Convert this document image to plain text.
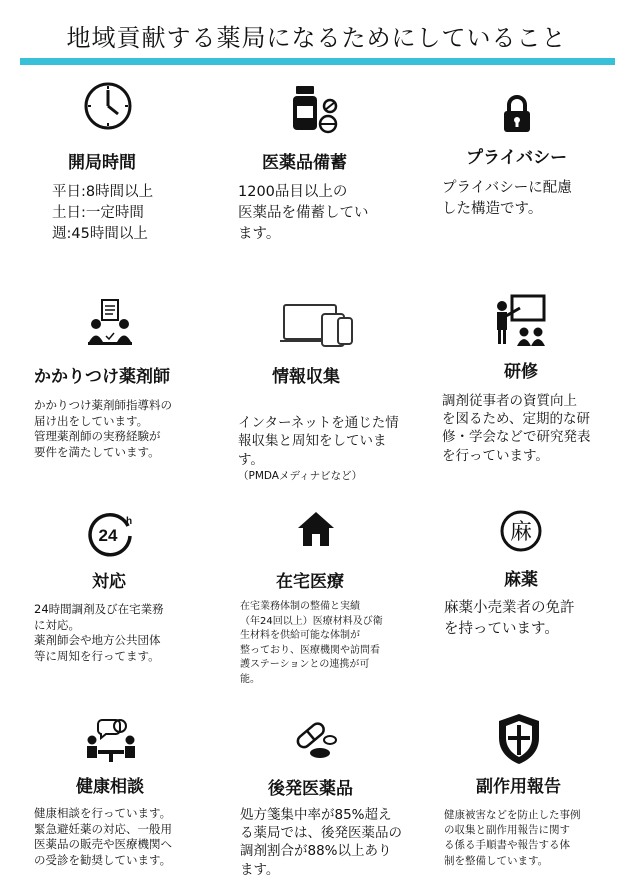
地域貢献する薬局になるためにしていること
開局時間
平日:8時間以上
土日:一定時間
週:45時間以上
医薬品備蓄
1200品目以上の
医薬品を備蓄してい
ます。
プライバシー
プライバシーに配慮
した構造です。
かかりつけ薬剤師
かかりつけ薬剤師指導料の
届け出をしています。
管理薬剤師の実務経験が
要件を満たしています。
情報収集

インターネットを通じた情
報収集と周知をしていま
す。

（PMDAメディナビなど）

研修
調剤従事者の資質向上
を図るため、定期的な研
修・学会などで研究発表
を行っています。
24
h
対応
24時間調剤及び在宅業務
に対応。
薬剤師会や地方公共団体
等に周知を行ってます。
在宅医療
在宅業務体制の整備と実績
（年24回以上）医療材料及び衛
生材料を供給可能な体制が
整っており、医療機関や訪問看
護ステーションとの連携が可
能。
麻
麻薬
麻薬小売業者の免許
を持っています。
健康相談
健康相談を行っています。
緊急避妊薬の対応、一般用
医薬品の販売や医療機関へ
の受診を勧奨しています。
後発医薬品
処方箋集中率が85%超え
る薬局では、後発医薬品の
調剤割合が88%以上あり
ます。
副作用報告
健康被害などを防止した事例
の収集と副作用報告に関す
る係る手順書や報告する体
制を整備しています。
